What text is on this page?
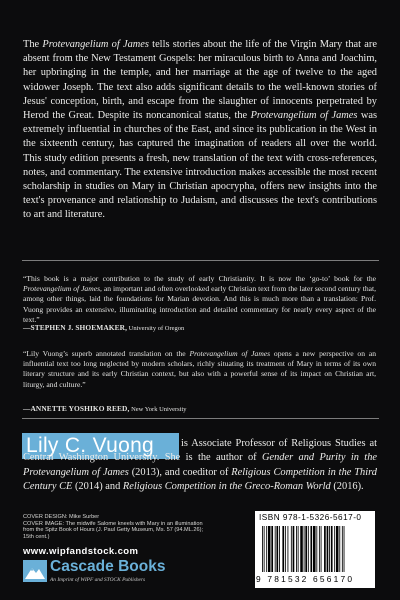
The Protevangelium of James tells stories about the life of the Virgin Mary that are absent from the New Testament Gospels: her miraculous birth to Anna and Joachim, her upbringing in the temple, and her marriage at the age of twelve to the aged widower Joseph. The text also adds significant details to the well-known stories of Jesus' conception, birth, and escape from the slaughter of innocents perpetrated by Herod the Great. Despite its noncanonical status, the Protevangelium of James was extremely influential in churches of the East, and since its publication in the West in the sixteenth century, has captured the imagination of readers all over the world. This study edition presents a fresh, new translation of the text with cross-references, notes, and commentary. The extensive introduction makes accessible the most recent scholarship in studies on Mary in Christian apocrypha, offers new insights into the text's provenance and relationship to Judaism, and discusses the text's contributions to art and literature.
“This book is a major contribution to the study of early Christianity. It is now the ‘go-to’ book for the Protevangelium of James, an important and often overlooked early Christian text from the later second century that, among other things, laid the foundations for Marian devotion. And this is much more than a translation: Prof. Vuong provides an extensive, illuminating introduction and detailed commentary for nearly every aspect of the text.”
—STEPHEN J. SHOEMAKER, University of Oregon
“Lily Vuong’s superb annotated translation on the Protevangelium of James opens a new perspective on an influential text too long neglected by modern scholars, richly situating its treatment of Mary in terms of its own literary structure and its early Christian context, but also with a powerful sense of its impact on Christian art, liturgy, and culture.”
—ANNETTE YOSHIKO REED, New York University
Lily C. Vuong	is Associate Professor of Religious Studies at Central Washington University. She is the author of Gender and Purity in the Protevangelium of James (2013), and coeditor of Religious Competition in the Third Century CE (2014) and Religious Competition in the Greco-Roman World (2016).
COVER DESIGN: Mike Surber
COVER IMAGE: The midwife Salome kneels with Mary in an illumination from the Spitz Book of Hours (J. Paul Getty Museum, Ms. 57 (94.ML.26); 15th cent.)
www.wipfandstock.com
Cascade Books
An Imprint of WIPF and STOCK Publishers
ISBN 978-1-5326-5617-0
9 781532 656170
